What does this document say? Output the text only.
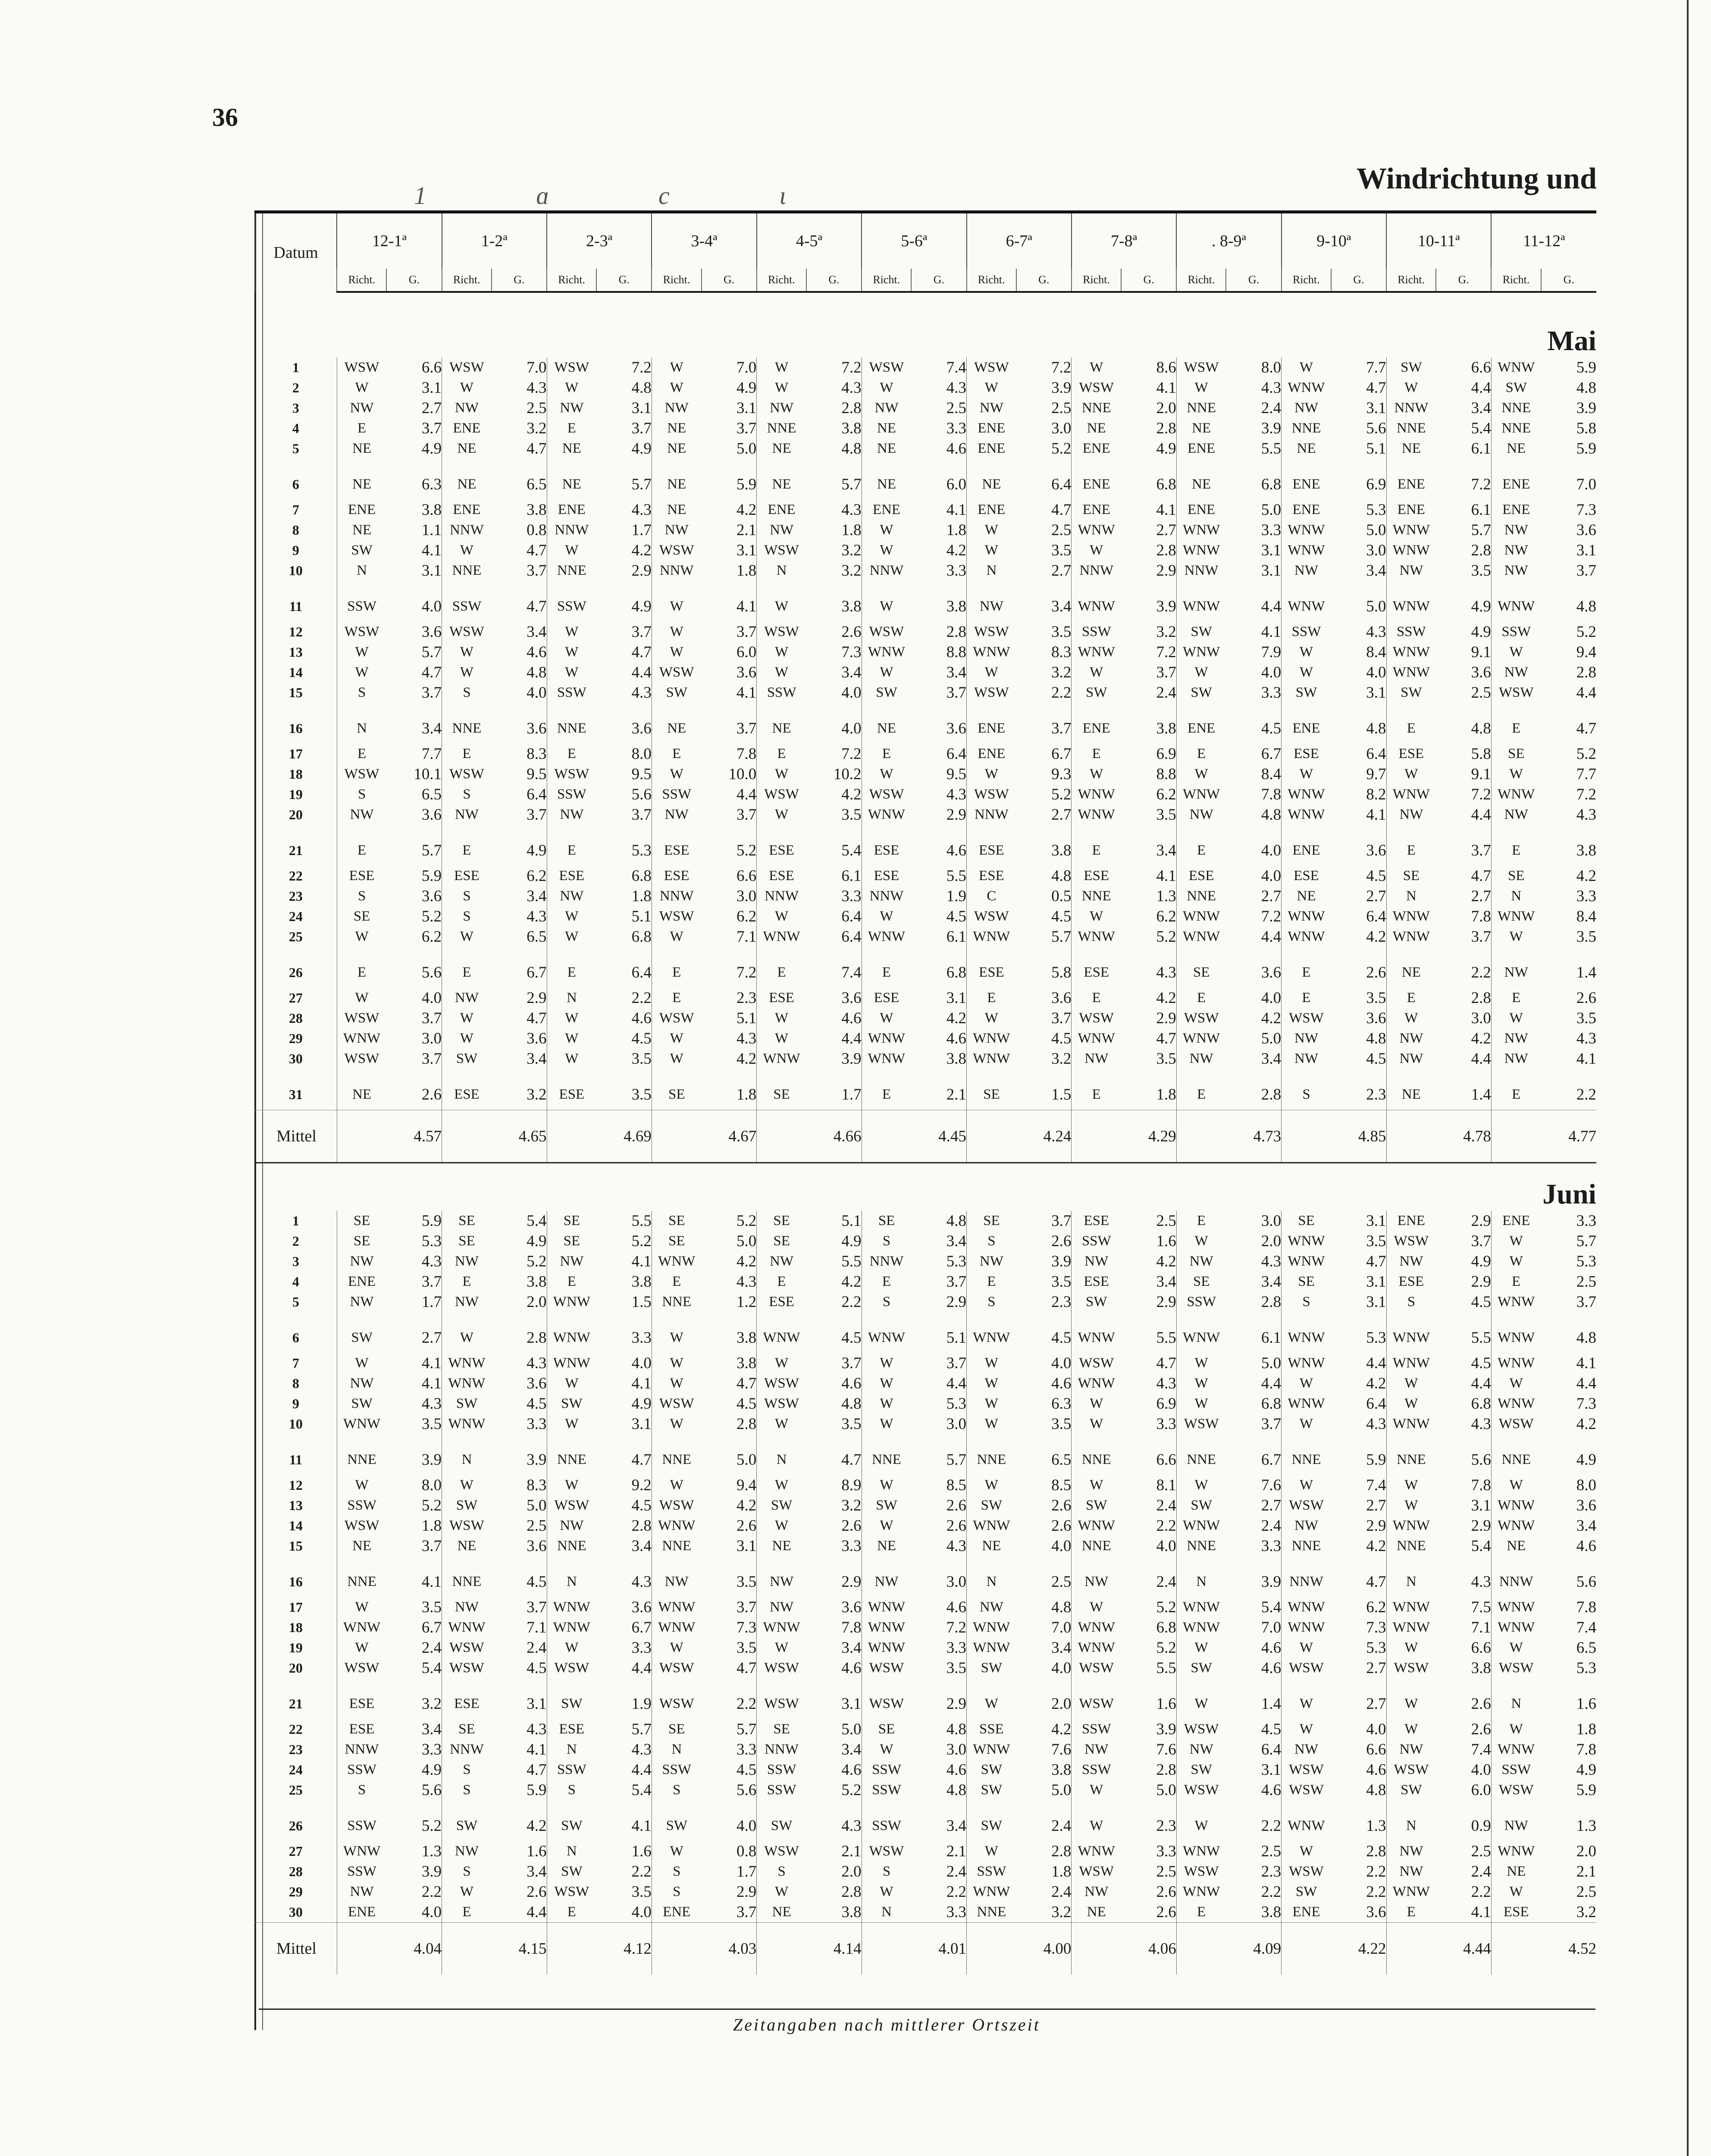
36
Windrichtung und
1 ɑ c ɩ
Datum	12-1ª		1-2ª		2-3ª		3-4ª		4-5ª		5-6ª		6-7ª		7-8ª		. 8-9ª		9-10ª		10-11ª		11-12ª	
	Richt.	G.	Richt.	G.	Richt.	G.	Richt.	G.	Richt.	G.	Richt.	G.	Richt.	G.	Richt.	G.	Richt.	G.	Richt.	G.	Richt.	G.	Richt.	G.
Mai																								
1	WSW	6.6	WSW	7.0	WSW	7.2	W	7.0	W	7.2	WSW	7.4	WSW	7.2	W	8.6	WSW	8.0	W	7.7	SW	6.6	WNW	5.9
2	W	3.1	W	4.3	W	4.8	W	4.9	W	4.3	W	4.3	W	3.9	WSW	4.1	W	4.3	WNW	4.7	W	4.4	SW	4.8
3	NW	2.7	NW	2.5	NW	3.1	NW	3.1	NW	2.8	NW	2.5	NW	2.5	NNE	2.0	NNE	2.4	NW	3.1	NNW	3.4	NNE	3.9
4	E	3.7	ENE	3.2	E	3.7	NE	3.7	NNE	3.8	NE	3.3	ENE	3.0	NE	2.8	NE	3.9	NNE	5.6	NNE	5.4	NNE	5.8
5	NE	4.9	NE	4.7	NE	4.9	NE	5.0	NE	4.8	NE	4.6	ENE	5.2	ENE	4.9	ENE	5.5	NE	5.1	NE	6.1	NE	5.9
6	NE	6.3	NE	6.5	NE	5.7	NE	5.9	NE	5.7	NE	6.0	NE	6.4	ENE	6.8	NE	6.8	ENE	6.9	ENE	7.2	ENE	7.0
7	ENE	3.8	ENE	3.8	ENE	4.3	NE	4.2	ENE	4.3	ENE	4.1	ENE	4.7	ENE	4.1	ENE	5.0	ENE	5.3	ENE	6.1	ENE	7.3
8	NE	1.1	NNW	0.8	NNW	1.7	NW	2.1	NW	1.8	W	1.8	W	2.5	WNW	2.7	WNW	3.3	WNW	5.0	WNW	5.7	NW	3.6
9	SW	4.1	W	4.7	W	4.2	WSW	3.1	WSW	3.2	W	4.2	W	3.5	W	2.8	WNW	3.1	WNW	3.0	WNW	2.8	NW	3.1
10	N	3.1	NNE	3.7	NNE	2.9	NNW	1.8	N	3.2	NNW	3.3	N	2.7	NNW	2.9	NNW	3.1	NW	3.4	NW	3.5	NW	3.7
11	SSW	4.0	SSW	4.7	SSW	4.9	W	4.1	W	3.8	W	3.8	NW	3.4	WNW	3.9	WNW	4.4	WNW	5.0	WNW	4.9	WNW	4.8
12	WSW	3.6	WSW	3.4	W	3.7	W	3.7	WSW	2.6	WSW	2.8	WSW	3.5	SSW	3.2	SW	4.1	SSW	4.3	SSW	4.9	SSW	5.2
13	W	5.7	W	4.6	W	4.7	W	6.0	W	7.3	WNW	8.8	WNW	8.3	WNW	7.2	WNW	7.9	W	8.4	WNW	9.1	W	9.4
14	W	4.7	W	4.8	W	4.4	WSW	3.6	W	3.4	W	3.4	W	3.2	W	3.7	W	4.0	W	4.0	WNW	3.6	NW	2.8
15	S	3.7	S	4.0	SSW	4.3	SW	4.1	SSW	4.0	SW	3.7	WSW	2.2	SW	2.4	SW	3.3	SW	3.1	SW	2.5	WSW	4.4
16	N	3.4	NNE	3.6	NNE	3.6	NE	3.7	NE	4.0	NE	3.6	ENE	3.7	ENE	3.8	ENE	4.5	ENE	4.8	E	4.8	E	4.7
17	E	7.7	E	8.3	E	8.0	E	7.8	E	7.2	E	6.4	ENE	6.7	E	6.9	E	6.7	ESE	6.4	ESE	5.8	SE	5.2
18	WSW	10.1	WSW	9.5	WSW	9.5	W	10.0	W	10.2	W	9.5	W	9.3	W	8.8	W	8.4	W	9.7	W	9.1	W	7.7
19	S	6.5	S	6.4	SSW	5.6	SSW	4.4	WSW	4.2	WSW	4.3	WSW	5.2	WNW	6.2	WNW	7.8	WNW	8.2	WNW	7.2	WNW	7.2
20	NW	3.6	NW	3.7	NW	3.7	NW	3.7	W	3.5	WNW	2.9	NNW	2.7	WNW	3.5	NW	4.8	WNW	4.1	NW	4.4	NW	4.3
21	E	5.7	E	4.9	E	5.3	ESE	5.2	ESE	5.4	ESE	4.6	ESE	3.8	E	3.4	E	4.0	ENE	3.6	E	3.7	E	3.8
22	ESE	5.9	ESE	6.2	ESE	6.8	ESE	6.6	ESE	6.1	ESE	5.5	ESE	4.8	ESE	4.1	ESE	4.0	ESE	4.5	SE	4.7	SE	4.2
23	S	3.6	S	3.4	NW	1.8	NNW	3.0	NNW	3.3	NNW	1.9	C	0.5	NNE	1.3	NNE	2.7	NE	2.7	N	2.7	N	3.3
24	SE	5.2	S	4.3	W	5.1	WSW	6.2	W	6.4	W	4.5	WSW	4.5	W	6.2	WNW	7.2	WNW	6.4	WNW	7.8	WNW	8.4
25	W	6.2	W	6.5	W	6.8	W	7.1	WNW	6.4	WNW	6.1	WNW	5.7	WNW	5.2	WNW	4.4	WNW	4.2	WNW	3.7	W	3.5
26	E	5.6	E	6.7	E	6.4	E	7.2	E	7.4	E	6.8	ESE	5.8	ESE	4.3	SE	3.6	E	2.6	NE	2.2	NW	1.4
27	W	4.0	NW	2.9	N	2.2	E	2.3	ESE	3.6	ESE	3.1	E	3.6	E	4.2	E	4.0	E	3.5	E	2.8	E	2.6
28	WSW	3.7	W	4.7	W	4.6	WSW	5.1	W	4.6	W	4.2	W	3.7	WSW	2.9	WSW	4.2	WSW	3.6	W	3.0	W	3.5
29	WNW	3.0	W	3.6	W	4.5	W	4.3	W	4.4	WNW	4.6	WNW	4.5	WNW	4.7	WNW	5.0	NW	4.8	NW	4.2	NW	4.3
30	WSW	3.7	SW	3.4	W	3.5	W	4.2	WNW	3.9	WNW	3.8	WNW	3.2	NW	3.5	NW	3.4	NW	4.5	NW	4.4	NW	4.1
31	NE	2.6	ESE	3.2	ESE	3.5	SE	1.8	SE	1.7	E	2.1	SE	1.5	E	1.8	E	2.8	S	2.3	NE	1.4	E	2.2
Mittel		4.57		4.65		4.69		4.67		4.66		4.45		4.24		4.29		4.73		4.85		4.78		4.77
Juni																								
1	SE	5.9	SE	5.4	SE	5.5	SE	5.2	SE	5.1	SE	4.8	SE	3.7	ESE	2.5	E	3.0	SE	3.1	ENE	2.9	ENE	3.3
2	SE	5.3	SE	4.9	SE	5.2	SE	5.0	SE	4.9	S	3.4	S	2.6	SSW	1.6	W	2.0	WNW	3.5	WSW	3.7	W	5.7
3	NW	4.3	NW	5.2	NW	4.1	WNW	4.2	NW	5.5	NNW	5.3	NW	3.9	NW	4.2	NW	4.3	WNW	4.7	NW	4.9	W	5.3
4	ENE	3.7	E	3.8	E	3.8	E	4.3	E	4.2	E	3.7	E	3.5	ESE	3.4	SE	3.4	SE	3.1	ESE	2.9	E	2.5
5	NW	1.7	NW	2.0	WNW	1.5	NNE	1.2	ESE	2.2	S	2.9	S	2.3	SW	2.9	SSW	2.8	S	3.1	S	4.5	WNW	3.7
6	SW	2.7	W	2.8	WNW	3.3	W	3.8	WNW	4.5	WNW	5.1	WNW	4.5	WNW	5.5	WNW	6.1	WNW	5.3	WNW	5.5	WNW	4.8
7	W	4.1	WNW	4.3	WNW	4.0	W	3.8	W	3.7	W	3.7	W	4.0	WSW	4.7	W	5.0	WNW	4.4	WNW	4.5	WNW	4.1
8	NW	4.1	WNW	3.6	W	4.1	W	4.7	WSW	4.6	W	4.4	W	4.6	WNW	4.3	W	4.4	W	4.2	W	4.4	W	4.4
9	SW	4.3	SW	4.5	SW	4.9	WSW	4.5	WSW	4.8	W	5.3	W	6.3	W	6.9	W	6.8	WNW	6.4	W	6.8	WNW	7.3
10	WNW	3.5	WNW	3.3	W	3.1	W	2.8	W	3.5	W	3.0	W	3.5	W	3.3	WSW	3.7	W	4.3	WNW	4.3	WSW	4.2
11	NNE	3.9	N	3.9	NNE	4.7	NNE	5.0	N	4.7	NNE	5.7	NNE	6.5	NNE	6.6	NNE	6.7	NNE	5.9	NNE	5.6	NNE	4.9
12	W	8.0	W	8.3	W	9.2	W	9.4	W	8.9	W	8.5	W	8.5	W	8.1	W	7.6	W	7.4	W	7.8	W	8.0
13	SSW	5.2	SW	5.0	WSW	4.5	WSW	4.2	SW	3.2	SW	2.6	SW	2.6	SW	2.4	SW	2.7	WSW	2.7	W	3.1	WNW	3.6
14	WSW	1.8	WSW	2.5	NW	2.8	WNW	2.6	W	2.6	W	2.6	WNW	2.6	WNW	2.2	WNW	2.4	NW	2.9	WNW	2.9	WNW	3.4
15	NE	3.7	NE	3.6	NNE	3.4	NNE	3.1	NE	3.3	NE	4.3	NE	4.0	NNE	4.0	NNE	3.3	NNE	4.2	NNE	5.4	NE	4.6
16	NNE	4.1	NNE	4.5	N	4.3	NW	3.5	NW	2.9	NW	3.0	N	2.5	NW	2.4	N	3.9	NNW	4.7	N	4.3	NNW	5.6
17	W	3.5	NW	3.7	WNW	3.6	WNW	3.7	NW	3.6	WNW	4.6	NW	4.8	W	5.2	WNW	5.4	WNW	6.2	WNW	7.5	WNW	7.8
18	WNW	6.7	WNW	7.1	WNW	6.7	WNW	7.3	WNW	7.8	WNW	7.2	WNW	7.0	WNW	6.8	WNW	7.0	WNW	7.3	WNW	7.1	WNW	7.4
19	W	2.4	WSW	2.4	W	3.3	W	3.5	W	3.4	WNW	3.3	WNW	3.4	WNW	5.2	W	4.6	W	5.3	W	6.6	W	6.5
20	WSW	5.4	WSW	4.5	WSW	4.4	WSW	4.7	WSW	4.6	WSW	3.5	SW	4.0	WSW	5.5	SW	4.6	WSW	2.7	WSW	3.8	WSW	5.3
21	ESE	3.2	ESE	3.1	SW	1.9	WSW	2.2	WSW	3.1	WSW	2.9	W	2.0	WSW	1.6	W	1.4	W	2.7	W	2.6	N	1.6
22	ESE	3.4	SE	4.3	ESE	5.7	SE	5.7	SE	5.0	SE	4.8	SSE	4.2	SSW	3.9	WSW	4.5	W	4.0	W	2.6	W	1.8
23	NNW	3.3	NNW	4.1	N	4.3	N	3.3	NNW	3.4	W	3.0	WNW	7.6	NW	7.6	NW	6.4	NW	6.6	NW	7.4	WNW	7.8
24	SSW	4.9	S	4.7	SSW	4.4	SSW	4.5	SSW	4.6	SSW	4.6	SW	3.8	SSW	2.8	SW	3.1	WSW	4.6	WSW	4.0	SSW	4.9
25	S	5.6	S	5.9	S	5.4	S	5.6	SSW	5.2	SSW	4.8	SW	5.0	W	5.0	WSW	4.6	WSW	4.8	SW	6.0	WSW	5.9
26	SSW	5.2	SW	4.2	SW	4.1	SW	4.0	SW	4.3	SSW	3.4	SW	2.4	W	2.3	W	2.2	WNW	1.3	N	0.9	NW	1.3
27	WNW	1.3	NW	1.6	N	1.6	W	0.8	WSW	2.1	WSW	2.1	W	2.8	WNW	3.3	WNW	2.5	W	2.8	NW	2.5	WNW	2.0
28	SSW	3.9	S	3.4	SW	2.2	S	1.7	S	2.0	S	2.4	SSW	1.8	WSW	2.5	WSW	2.3	WSW	2.2	NW	2.4	NE	2.1
29	NW	2.2	W	2.6	WSW	3.5	S	2.9	W	2.8	W	2.2	WNW	2.4	NW	2.6	WNW	2.2	SW	2.2	WNW	2.2	W	2.5
30	ENE	4.0	E	4.4	E	4.0	ENE	3.7	NE	3.8	N	3.3	NNE	3.2	NE	2.6	E	3.8	ENE	3.6	E	4.1	ESE	3.2
Mittel		4.04		4.15		4.12		4.03		4.14		4.01		4.00		4.06		4.09		4.22		4.44		4.52
Zeitangaben nach mittlerer Ortszeit
